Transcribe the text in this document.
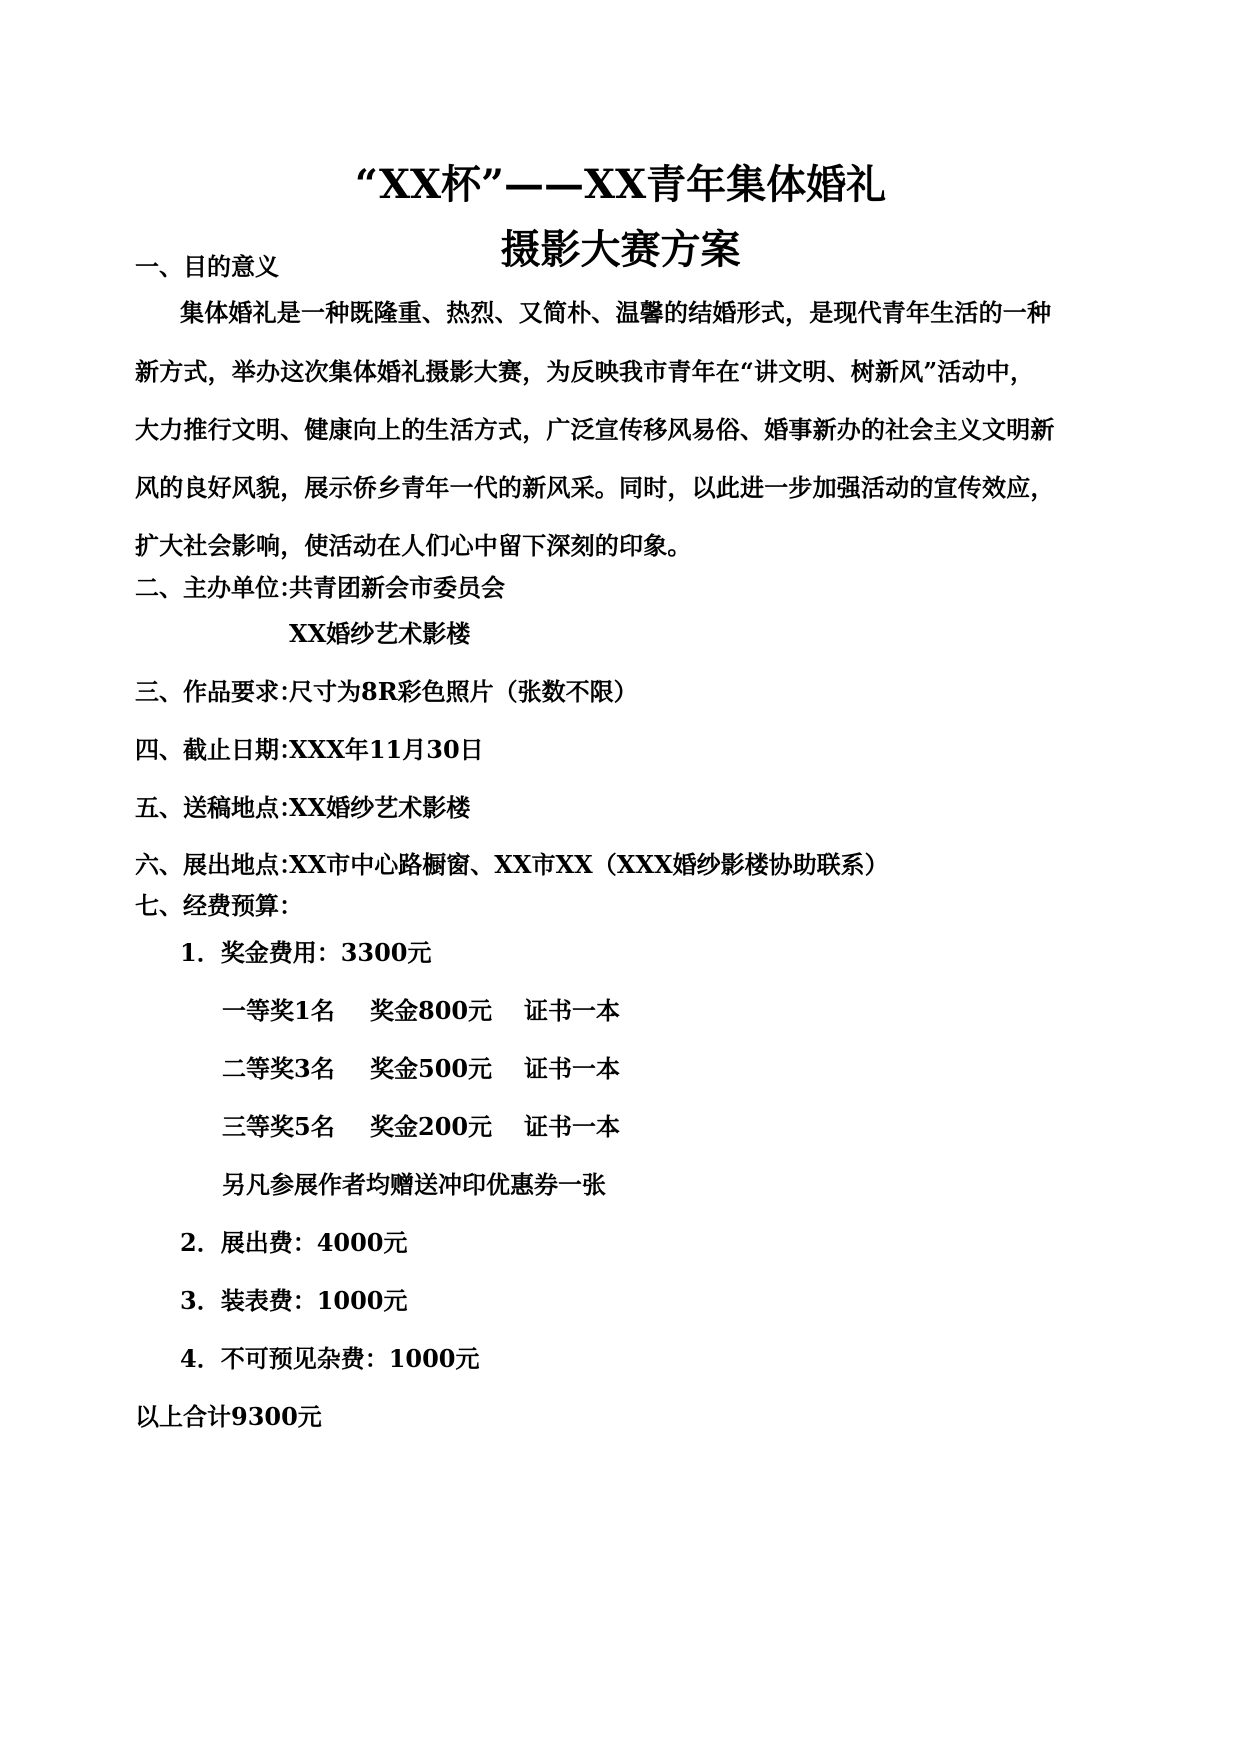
“XX杯”——XX青年集体婚礼
摄影大赛方案
一、目的意义
集体婚礼是一种既隆重、热烈、又简朴、温馨的结婚形式，是现代青年生活的一种
新方式，举办这次集体婚礼摄影大赛，为反映我市青年在“讲文明、树新风”活动中，
大力推行文明、健康向上的生活方式，广泛宣传移风易俗、婚事新办的社会主义文明新
风的良好风貌，展示侨乡青年一代的新风采。同时，以此进一步加强活动的宣传效应，
扩大社会影响，使活动在人们心中留下深刻的印象。
二、主办单位：
共青团新会市委员会
XX婚纱艺术影楼
三、作品要求：
尺寸为8R彩色照片（张数不限）
四、截止日期：
XXX年11月30日
五、送稿地点：
XX婚纱艺术影楼
六、展出地点：
XX市中心路橱窗、XX市XX（XXX婚纱影楼协助联系）
七、经费预算：
1．奖金费用：3300元
一等奖1名 奖金800元 证书一本
二等奖3名 奖金500元 证书一本
三等奖5名 奖金200元 证书一本
另凡参展作者均赠送冲印优惠券一张
2．展出费：4000元
3．装表费：1000元
4．不可预见杂费：1000元
以上合计9300元
